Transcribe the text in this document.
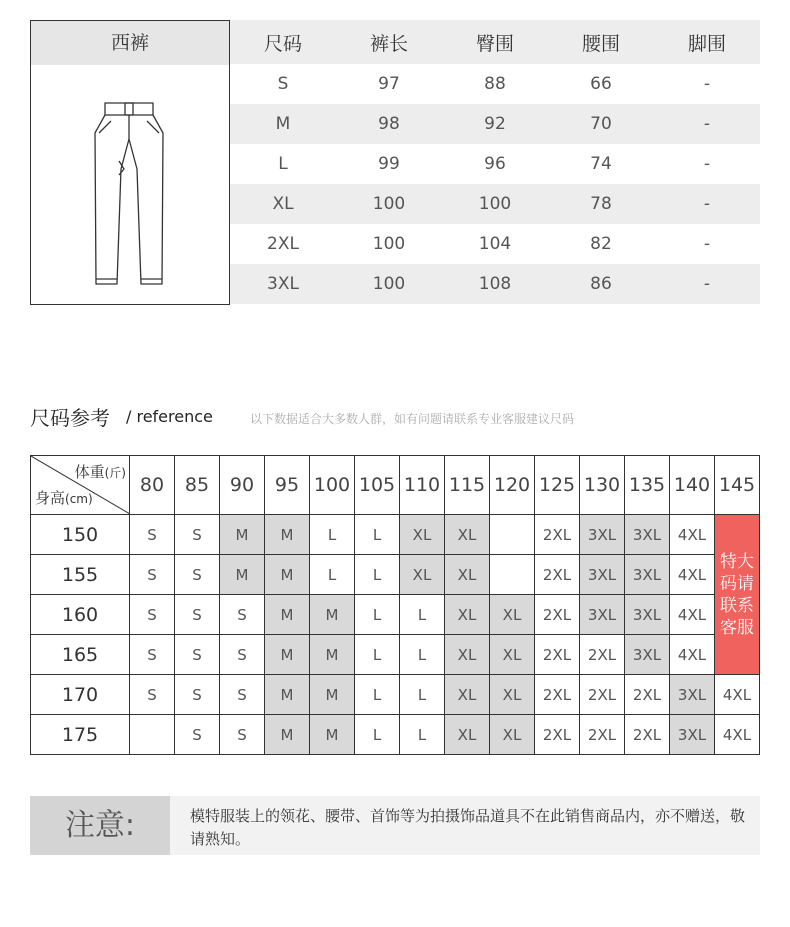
西裤	尺码	裤长	臀围	腰围	脚围
S	97	88	66	-
M	98	92	70	-
L	99	96	74	-
XL	100	100	78	-
2XL	100	104	82	-
3XL	100	108	86	-
尺码参考 / reference	以下数据适合大多数人群，如有问题请联系专业客服建议尺码
体重(斤)
身高(cm)	80	85	90	95	100	105	110	115	120	125	130	135	140	145
150	S	S	M	M	L	L	XL	XL		2XL	3XL	3XL	4XL	特大码请联系客服
155	S	S	M	M	L	L	XL	XL		2XL	3XL	3XL	4XL	
160	S	S	S	M	M	L	L	XL	XL	2XL	3XL	3XL	4XL	
165	S	S	S	M	M	L	L	XL	XL	2XL	2XL	3XL	4XL	
170	S	S	S	M	M	L	L	XL	XL	2XL	2XL	2XL	3XL	4XL
175		S	S	M	M	L	L	XL	XL	2XL	2XL	2XL	3XL	4XL
注意:	模特服装上的领花、腰带、首饰等为拍摄饰品道具不在此销售商品内，亦不赠送，敬请熟知。
